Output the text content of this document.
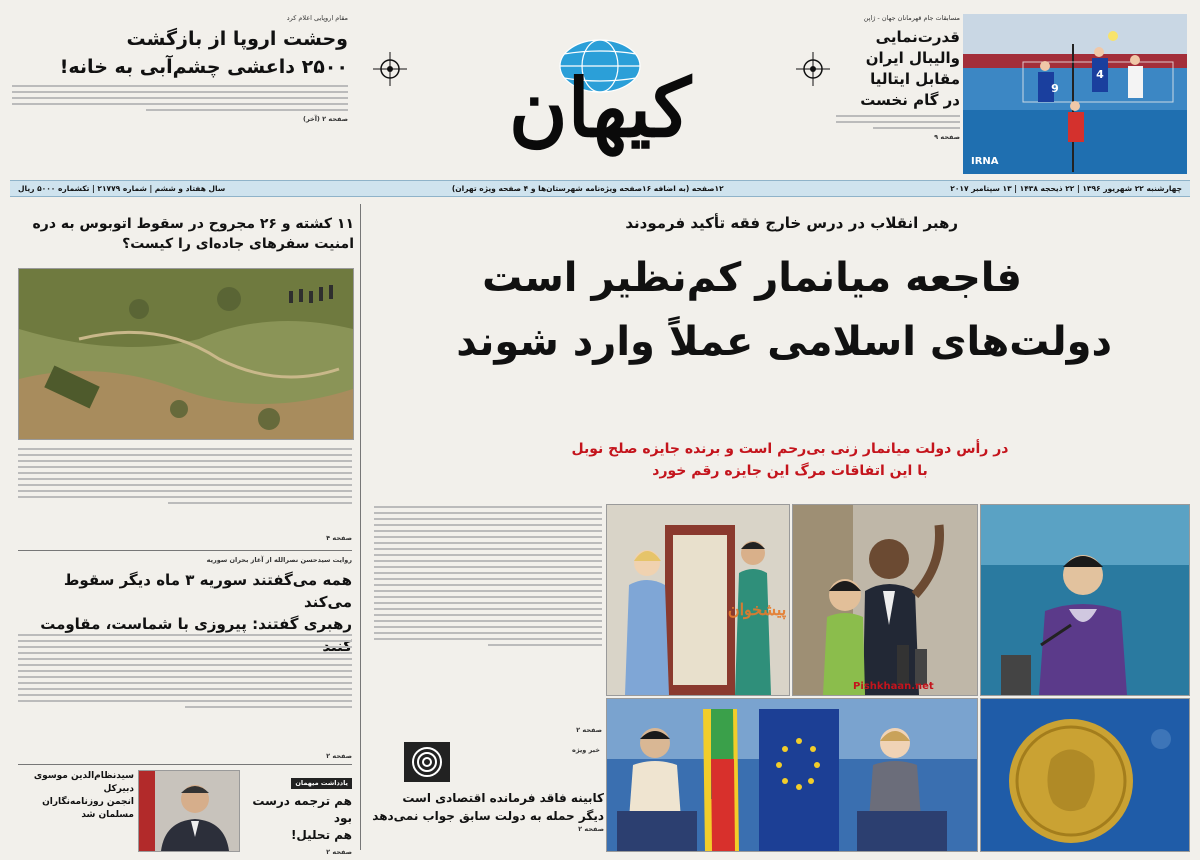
9
4
IRNA
مسابقات جام قهرمانان جهان - ژاپن
قدرت‌نمایی
والیبال ایران
مقابل ایتالیا
در گام نخست
صفحه ۹
کیهان
مقام اروپایی اعلام کرد
وحشت اروپا از بازگشت
۲۵۰۰ داعشی چشم‌آبی به خانه!
صفحه ۲ (آخر)
چهارشنبه ۲۲ شهریور ۱۳۹۶ | ۲۲ ذیحجه ۱۴۳۸ | ۱۳ سپتامبر ۲۰۱۷
۱۲صفحه (به اضافه ۱۶صفحه ویژه‌نامه شهرستان‌ها و ۴ صفحه ویژه تهران)
سال هفتاد و ششم | شماره ۲۱۷۷۹ | تکشماره ۵۰۰۰ ریال
۱۱ کشته و ۲۶ مجروح در سقوط اتوبوس به دره
امنیت سفرهای جاده‌ای را کیست؟
صفحه ۴
روایت سیدحسن نصرالله از آغاز بحران سوریه
همه می‌گفتند سوریه ۳ ماه دیگر سقوط می‌کند
رهبری گفتند: پیروزی با شماست، مقاومت
صفحه ۲
یادداشت میهمان
هم ترجمه درست بود
هم تحلیل!
صفحه ۲
سیدنظام‌الدین موسوی
دبیرکل
انجمن روزنامه‌نگاران
مسلمان شد
رهبر انقلاب در درس خارج فقه تأکید فرمودند
فاجعه میانمار کم‌نظیر است
دولت‌های اسلامی عملاً وارد شوند
در رأس دولت میانمار زنی بی‌رحم است و برنده جایزه صلح نوبل
با این اتفاقات مرگ این جایزه رقم خورد
صفحه ۲
پیشخوان
Pishkhaan.net
خبر ویژه
کابینه فاقد فرمانده اقتصادی است
دیگر حمله به دولت سابق جواب نمی‌دهد
صفحه ۲
